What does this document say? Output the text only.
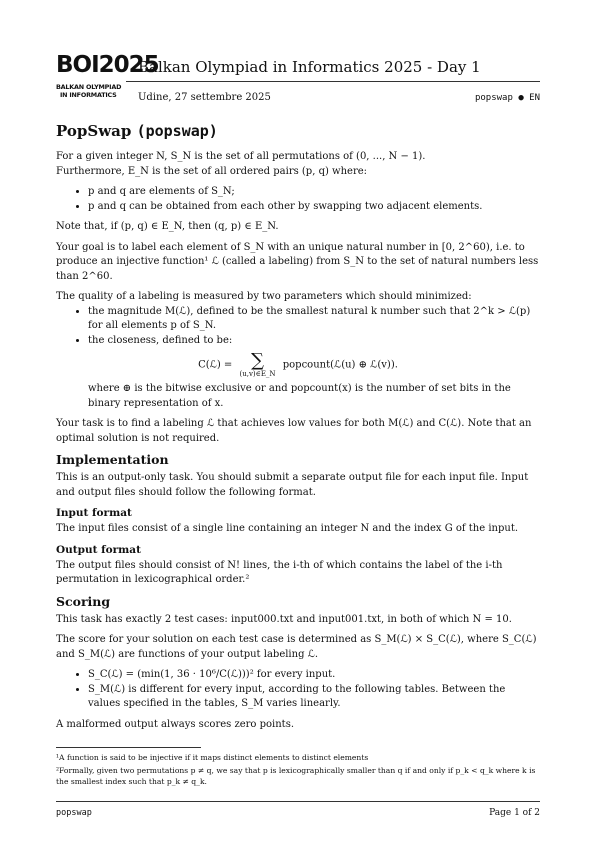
BOI2025
BALKAN OLYMPIAD
IN INFORMATICS
Balkan Olympiad in Informatics 2025 - Day 1
Udine, 27 settembre 2025	popswap ● EN
PopSwap (popswap)

For a given integer N, S_N is the set of all permutations of (0, ..., N − 1).
Furthermore, E_N is the set of all ordered pairs (p, q) where:

• p and q are elements of S_N;
• p and q can be obtained from each other by swapping two adjacent elements.

Note that, if (p, q) ∈ E_N, then (q, p) ∈ E_N.

Your goal is to label each element of S_N with an unique natural number in [0, 2^60), i.e. to produce an injective function¹ ℒ (called a labeling) from S_N to the set of natural numbers less than 2^60.

The quality of a labeling is measured by two parameters which should minimized:

• the magnitude M(ℒ), defined to be the smallest natural k number such that 2^k > ℒ(p) for all elements p of S_N.
• the closeness, defined to be:
C(ℒ) =	∑
(u,v)∈E_N
popcount(ℒ(u) ⊕ ℒ(v)).

where ⊕ is the bitwise exclusive or and popcount(x) is the number of set bits in the binary representation of x.

Your task is to find a labeling ℒ that achieves low values for both M(ℒ) and C(ℒ). Note that an optimal solution is not required.

Implementation

This is an output-only task. You should submit a separate output file for each input file. Input and output files should follow the following format.

Input format

The input files consist of a single line containing an integer N and the index G of the input.

Output format

The output files should consist of N! lines, the i-th of which contains the label of the i-th permutation in lexicographical order.²

Scoring

This task has exactly 2 test cases: input000.txt and input001.txt, in both of which N = 10.

The score for your solution on each test case is determined as S_M(ℒ) × S_C(ℒ), where S_C(ℒ) and S_M(ℒ) are functions of your output labeling ℒ.

• S_C(ℒ) = (min(1, 36 · 10⁶/C(ℒ)))² for every input.
• S_M(ℒ) is different for every input, according to the following tables. Between the values specified in the tables, S_M varies linearly.

A malformed output always scores zero points.

¹A function is said to be injective if it maps distinct elements to distinct elements
²Formally, given two permutations p ≠ q, we say that p is lexicographically smaller than q if and only if p_k < q_k where k is the smallest index such that p_k ≠ q_k.
popswap	Page 1 of 2
